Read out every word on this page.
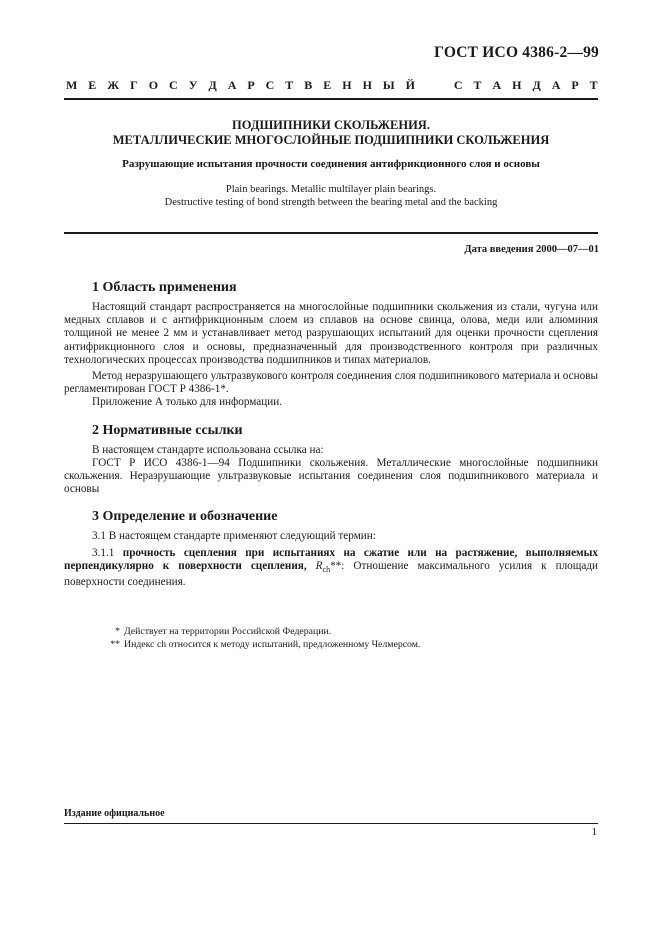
ГОСТ ИСО 4386-2—99
М Е Ж Г О С У Д А Р С Т В Е Н Н Ы Й

	С Т А Н Д А Р Т
ПОДШИПНИКИ СКОЛЬЖЕНИЯ.
МЕТАЛЛИЧЕСКИЕ МНОГОСЛОЙНЫЕ ПОДШИПНИКИ СКОЛЬЖЕНИЯ
Разрушающие испытания прочности соединения антифрикционного слоя и основы
Plain bearings. Metallic multilayer plain bearings.
Destructive testing of bond strength between the bearing metal and the backing
Дата введения 2000—07—01
1 Область применения

Настоящий стандарт распространяется на многослойные подшипники скольжения из стали, чугуна или медных сплавов и с антифрикционным слоем из сплавов на основе свинца, олова, меди или алюминия толщиной не менее 2 мм и устанавливает метод разрушающих испытаний для оценки прочности сцепления антифрикционного слоя и основы, предназначенный для производственного контроля при различных технологических процессах производства подшипников и типах материалов.

Метод неразрушающего ультразвукового контроля соединения слоя подшипникового материала и основы регламентирован ГОСТ Р 4386-1*.

Приложение А только для информации.

2 Нормативные ссылки

В настоящем стандарте использована ссылка на:

ГОСТ Р ИСО 4386-1—94 Подшипники скольжения. Металлические многослойные подшипники скольжения. Неразрушающие ультразвуковые испытания соединения слоя подшипникового материала и основы

3 Определение и обозначение

3.1 В настоящем стандарте применяют следующий термин:

3.1.1 прочность сцепления при испытаниях на сжатие или на растяжение, выполняемых перпендикулярно к поверхности сцепления, $R_{ch}**$: Отношение максимального усилия к площади поверхности соединения.

* Действует на территории Российской Федерации.
** Индекс ch относится к методу испытаний, предложенному Челмерсом.
Издание официальное
1
